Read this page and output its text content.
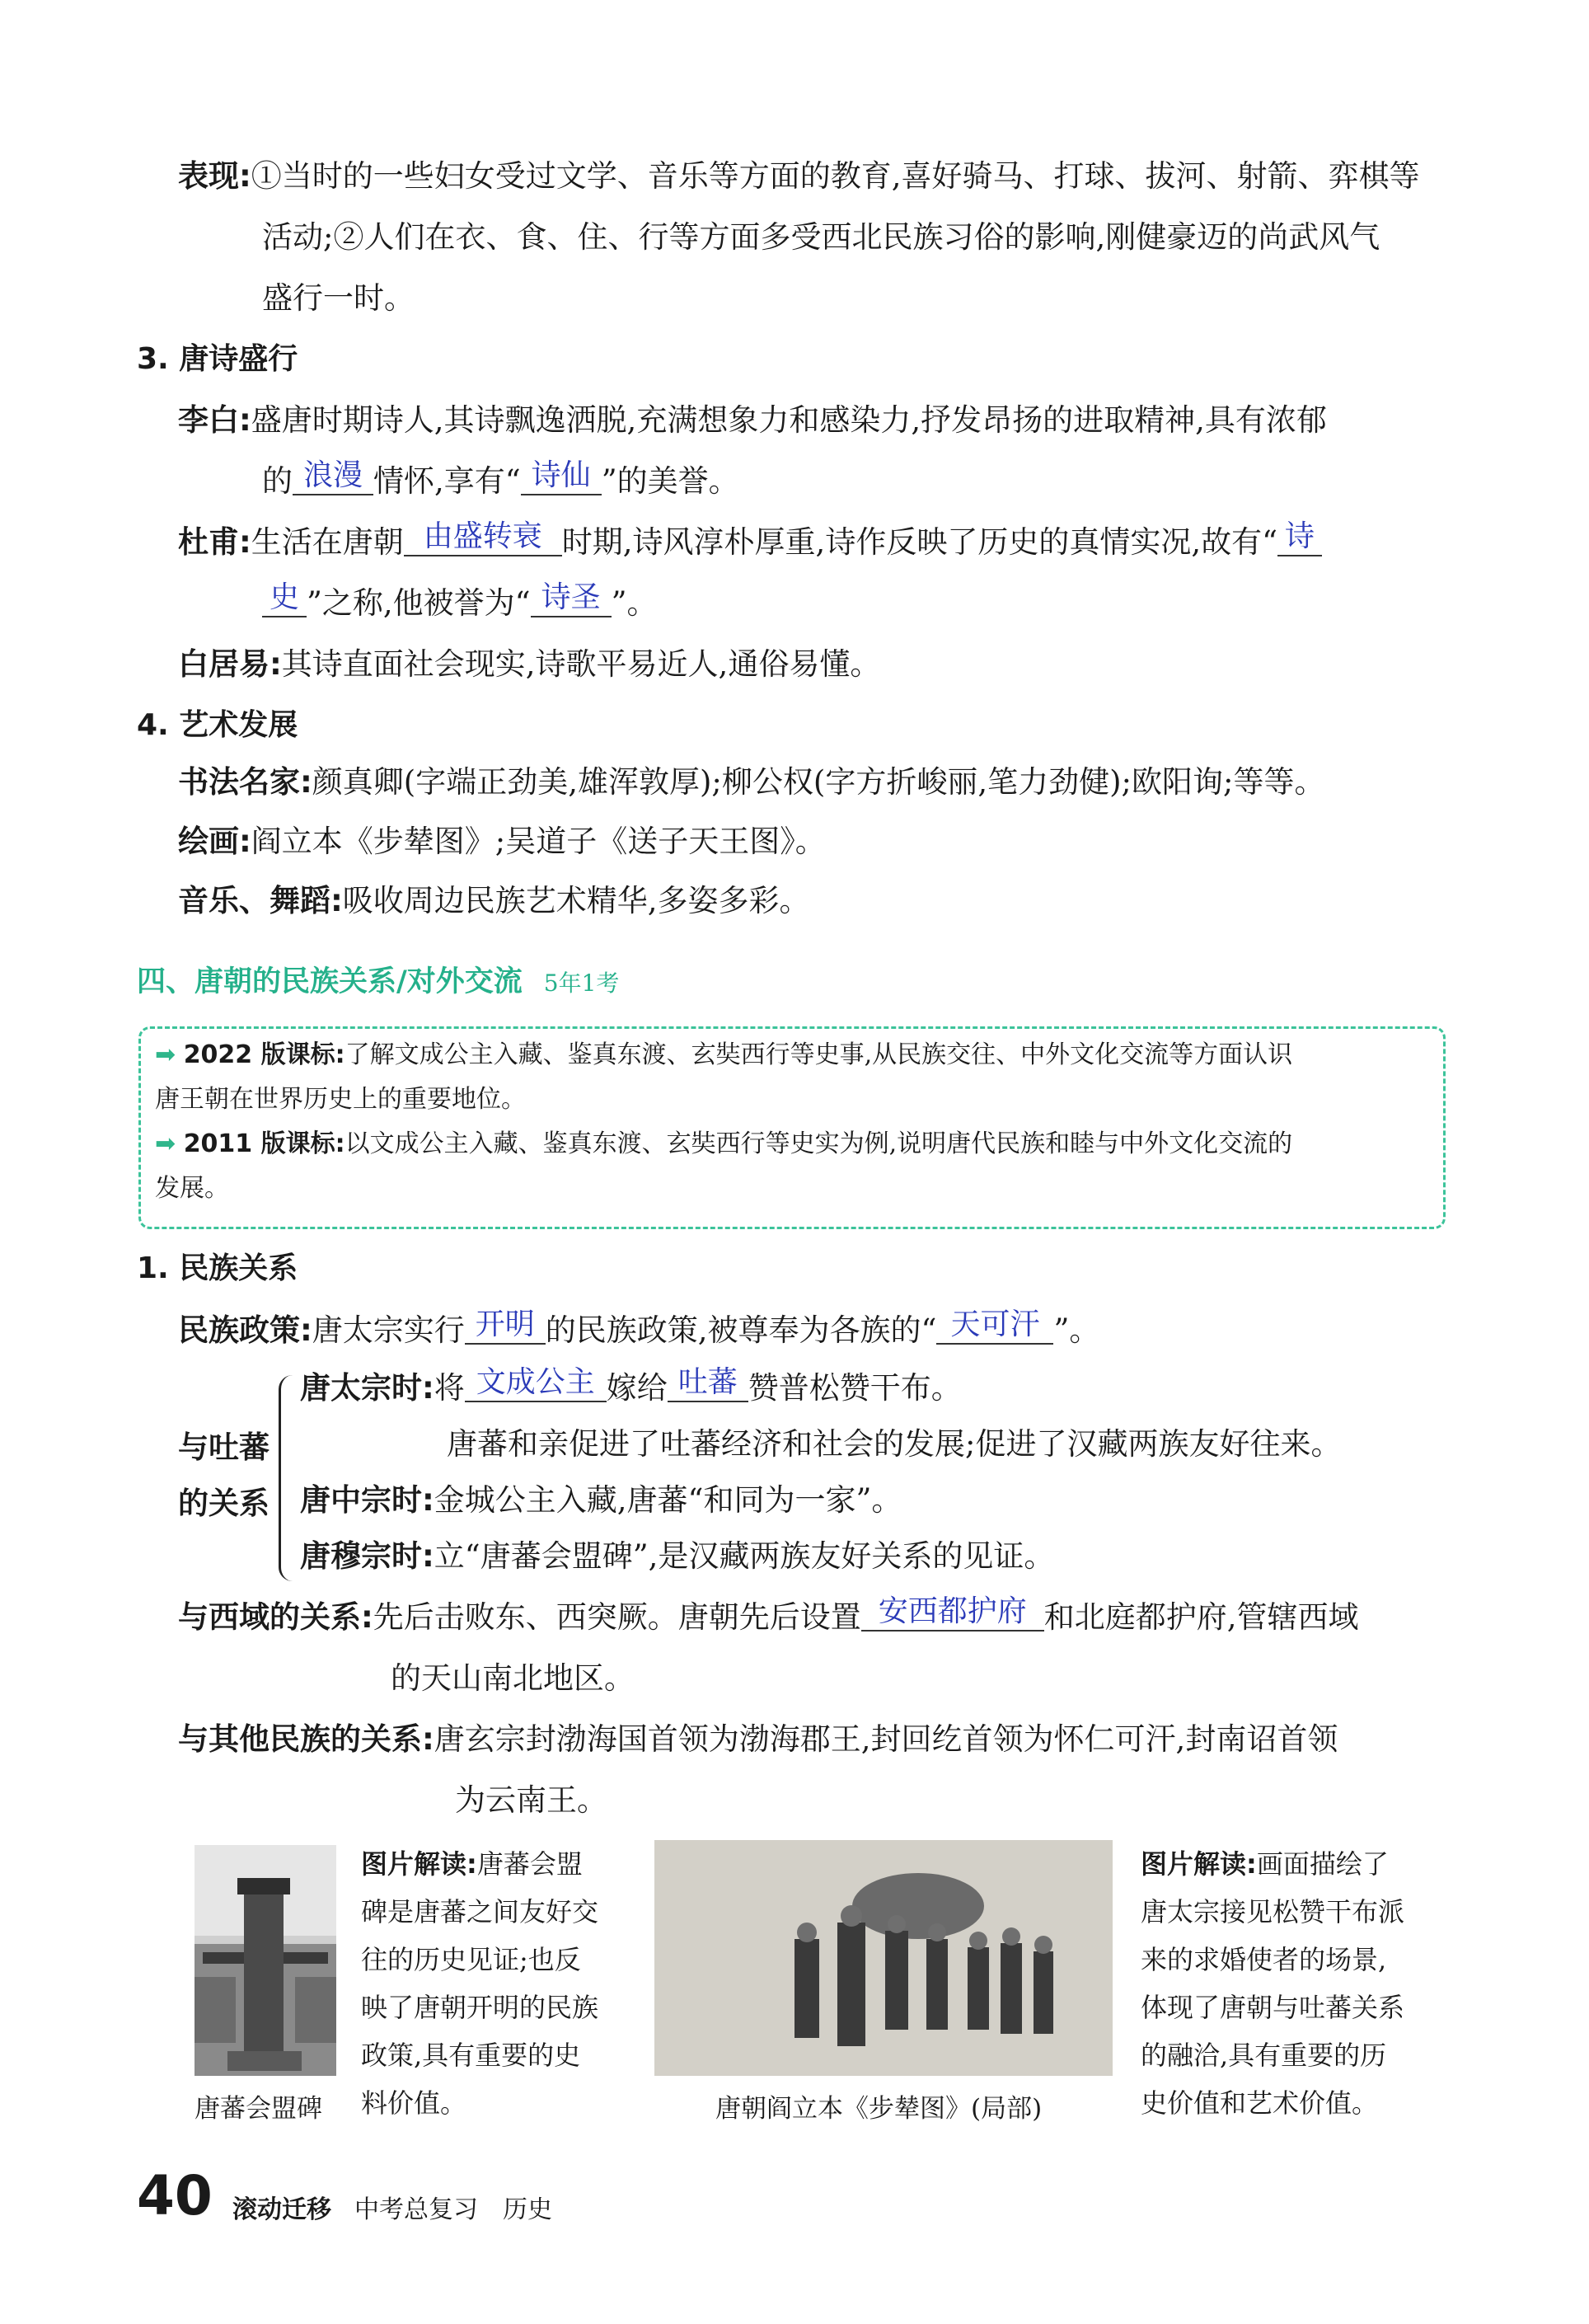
表现:①当时的一些妇女受过文学、音乐等方面的教育,喜好骑马、打球、拔河、射箭、弈棋等
活动;②人们在衣、食、住、行等方面多受西北民族习俗的影响,刚健豪迈的尚武风气
盛行一时。
3. 唐诗盛行
李白:盛唐时期诗人,其诗飘逸洒脱,充满想象力和感染力,抒发昂扬的进取精神,具有浓郁
的 浪漫 情怀,享有“ 诗仙 ”的美誉。
杜甫:生活在唐朝 由盛转衰 时期,诗风淳朴厚重,诗作反映了历史的真情实况,故有“ 诗
史 ”之称,他被誉为“ 诗圣 ”。
白居易:其诗直面社会现实,诗歌平易近人,通俗易懂。
4. 艺术发展
书法名家:颜真卿(字端正劲美,雄浑敦厚);柳公权(字方折峻丽,笔力劲健);欧阳询;等等。
绘画:阎立本《步辇图》;吴道子《送子天王图》。
音乐、舞蹈:吸收周边民族艺术精华,多姿多彩。
四、唐朝的民族关系/对外交流 5年1考
➡ 2022 版课标:了解文成公主入藏、鉴真东渡、玄奘西行等史事,从民族交往、中外文化交流等方面认识
唐王朝在世界历史上的重要地位。
➡ 2011 版课标:以文成公主入藏、鉴真东渡、玄奘西行等史实为例,说明唐代民族和睦与中外文化交流的
发展。
1. 民族关系
民族政策:唐太宗实行 开明 的民族政策,被尊奉为各族的“ 天可汗 ”。
与吐蕃
的关系
唐太宗时:将 文成公主 嫁给 吐蕃 赞普松赞干布。
唐蕃和亲促进了吐蕃经济和社会的发展;促进了汉藏两族友好往来。
唐中宗时:金城公主入藏,唐蕃“和同为一家”。
唐穆宗时:立“唐蕃会盟碑”,是汉藏两族友好关系的见证。
与西域的关系:先后击败东、西突厥。唐朝先后设置 安西都护府 和北庭都护府,管辖西域
的天山南北地区。
与其他民族的关系:唐玄宗封渤海国首领为渤海郡王,封回纥首领为怀仁可汗,封南诏首领
为云南王。
唐蕃会盟碑
图片解读:唐蕃会盟
碑是唐蕃之间友好交
往的历史见证;也反
映了唐朝开明的民族
政策,具有重要的史
料价值。	唐朝阎立本《步辇图》(局部)
图片解读:画面描绘了
唐太宗接见松赞干布派
来的求婚使者的场景,
体现了唐朝与吐蕃关系
的融洽,具有重要的历
史价值和艺术价值。
40 滚动迁移 中考总复习 历史
